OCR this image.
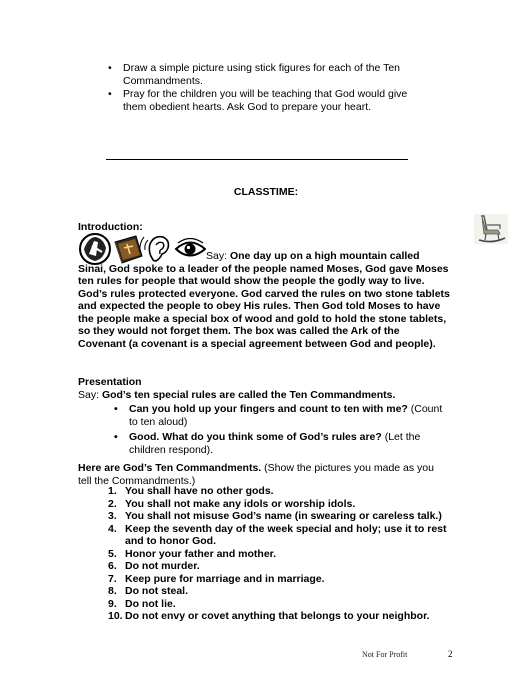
• Draw a simple picture using stick figures for each of the Ten Commandments.
• Pray for the children you will be teaching that God would give them obedient hearts. Ask God to prepare your heart.
CLASSTIME:
Introduction:
Say: One day up on a high mountain called Sinai, God spoke to a leader of the people named Moses, God gave Moses ten rules for people that would show the people the godly way to live. God’s rules protected everyone. God carved the rules on two stone tablets and expected the people to obey His rules. Then God told Moses to have the people make a special box of wood and gold to hold the stone tablets, so they would not forget them. The box was called the Ark of the Covenant (a covenant is a special agreement between God and people).
Presentation
Say: God’s ten special rules are called the Ten Commandments.
• Can you hold up your fingers and count to ten with me? (Count to ten aloud)
• Good. What do you think some of God’s rules are? (Let the children respond).
Here are God’s Ten Commandments. (Show the pictures you made as you tell the Commandments.)
1. You shall have no other gods.
2. You shall not make any idols or worship idols.
3. You shall not misuse God’s name (in swearing or careless talk.)
4. Keep the seventh day of the week special and holy; use it to rest and to honor God.
5. Honor your father and mother.
6. Do not murder.
7. Keep pure for marriage and in marriage.
8. Do not steal.
9. Do not lie.
10. Do not envy or covet anything that belongs to your neighbor.
Not For Profit	2
